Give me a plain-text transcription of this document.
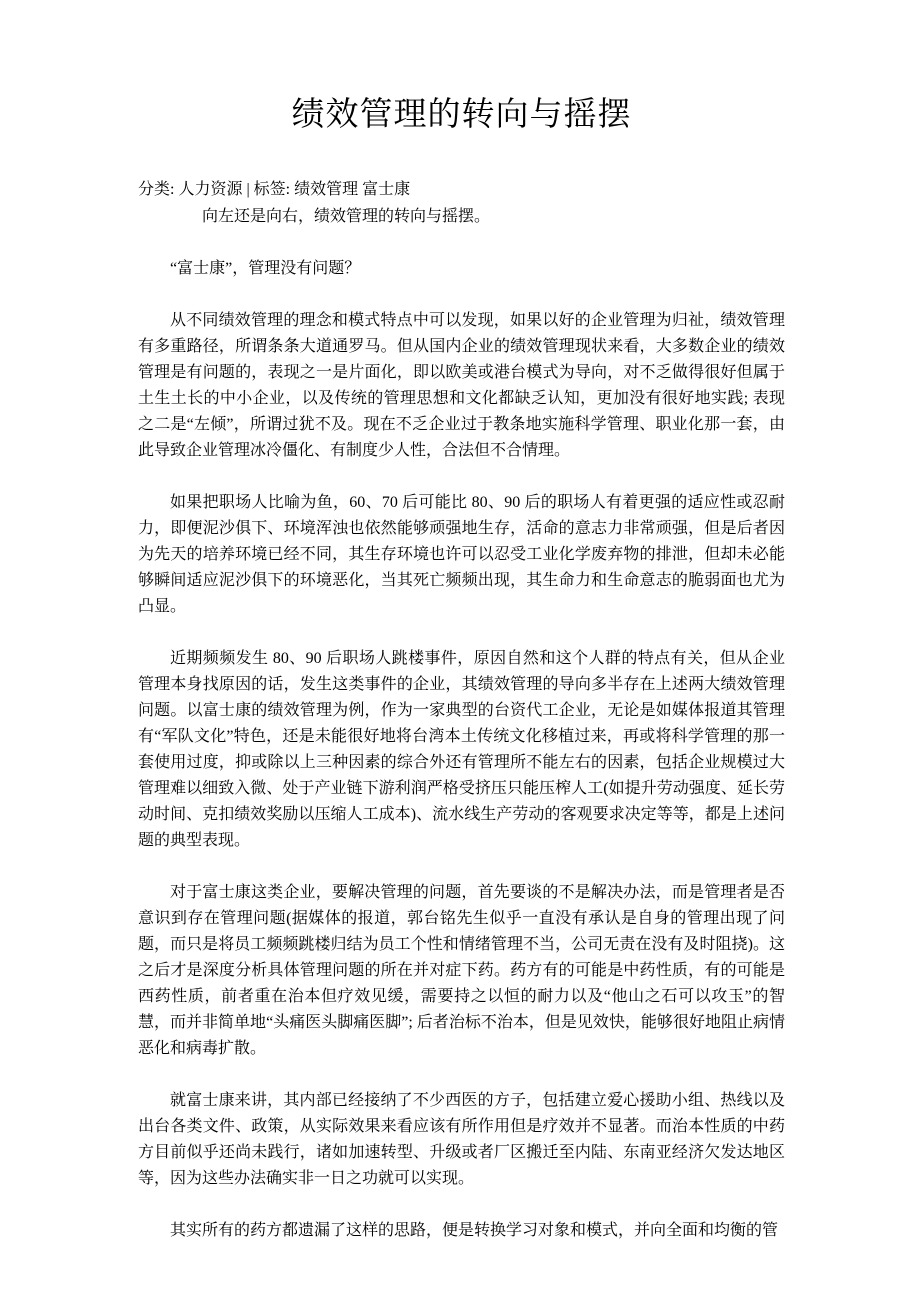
绩效管理的转向与摇摆

分类: 人力资源 | 标签: 绩效管理 富士康

向左还是向右，绩效管理的转向与摇摆。

“富士康”，管理没有问题？

从不同绩效管理的理念和模式特点中可以发现，如果以好的企业管理为归祉，绩效管理有多重路径，所谓条条大道通罗马。但从国内企业的绩效管理现状来看，大多数企业的绩效管理是有问题的，表现之一是片面化，即以欧美或港台模式为导向，对不乏做得很好但属于土生土长的中小企业，以及传统的管理思想和文化都缺乏认知，更加没有很好地实践; 表现之二是“左倾”，所谓过犹不及。现在不乏企业过于教条地实施科学管理、职业化那一套，由此导致企业管理冰冷僵化、有制度少人性，合法但不合情理。

如果把职场人比喻为鱼，60、70 后可能比 80、90 后的职场人有着更强的适应性或忍耐力，即便泥沙俱下、环境浑浊也依然能够顽强地生存，活命的意志力非常顽强，但是后者因为先天的培养环境已经不同，其生存环境也许可以忍受工业化学废弃物的排泄，但却未必能够瞬间适应泥沙俱下的环境恶化，当其死亡频频出现，其生命力和生命意志的脆弱面也尤为凸显。

近期频频发生 80、90 后职场人跳楼事件，原因自然和这个人群的特点有关，但从企业管理本身找原因的话，发生这类事件的企业，其绩效管理的导向多半存在上述两大绩效管理问题。以富士康的绩效管理为例，作为一家典型的台资代工企业，无论是如媒体报道其管理有“军队文化”特色，还是未能很好地将台湾本土传统文化移植过来，再或将科学管理的那一套使用过度，抑或除以上三种因素的综合外还有管理所不能左右的因素，包括企业规模过大管理难以细致入微、处于产业链下游利润严格受挤压只能压榨人工(如提升劳动强度、延长劳动时间、克扣绩效奖励以压缩人工成本)、流水线生产劳动的客观要求决定等等，都是上述问题的典型表现。

对于富士康这类企业，要解决管理的问题，首先要谈的不是解决办法，而是管理者是否意识到存在管理问题(据媒体的报道，郭台铭先生似乎一直没有承认是自身的管理出现了问题，而只是将员工频频跳楼归结为员工个性和情绪管理不当，公司无责在没有及时阻挠)。这之后才是深度分析具体管理问题的所在并对症下药。药方有的可能是中药性质，有的可能是西药性质，前者重在治本但疗效见缓，需要持之以恒的耐力以及“他山之石可以攻玉”的智慧，而并非简单地“头痛医头脚痛医脚”; 后者治标不治本，但是见效快，能够很好地阻止病情恶化和病毒扩散。

就富士康来讲，其内部已经接纳了不少西医的方子，包括建立爱心援助小组、热线以及出台各类文件、政策，从实际效果来看应该有所作用但是疗效并不显著。而治本性质的中药方目前似乎还尚未践行，诸如加速转型、升级或者厂区搬迁至内陆、东南亚经济欠发达地区等，因为这些办法确实非一日之功就可以实现。

其实所有的药方都遗漏了这样的思路，便是转换学习对象和模式，并向全面和均衡的管
